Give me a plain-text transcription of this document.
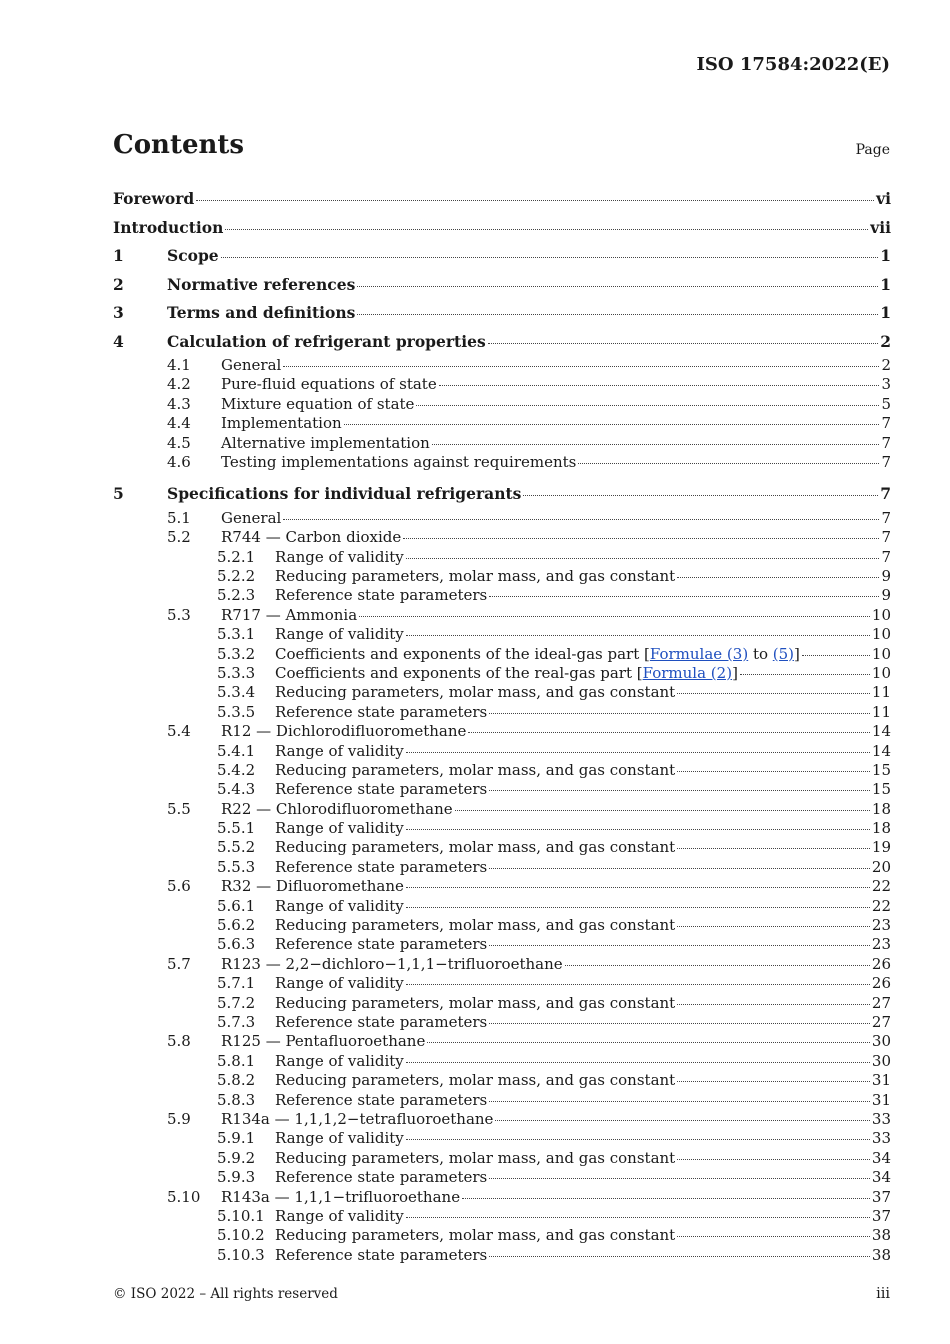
ISO 17584:2022(E)
Contents	Page
Foreword	vi
Introduction	vii
1	Scope	1
2	Normative references	1
3	Terms and definitions	1
4	Calculation of refrigerant properties	2
4.1	General	2
4.2	Pure-fluid equations of state	3
4.3	Mixture equation of state	5
4.4	Implementation	7
4.5	Alternative implementation	7
4.6	Testing implementations against requirements	7
5	Specifications for individual refrigerants	7
5.1	General	7
5.2	R744 — Carbon dioxide	7
5.2.1	Range of validity	7
5.2.2	Reducing parameters, molar mass, and gas constant	9
5.2.3	Reference state parameters	9
5.3	R717 — Ammonia	10
5.3.1	Range of validity	10
5.3.2	Coefficients and exponents of the ideal-gas part [Formulae (3) to (5)]	10
5.3.3	Coefficients and exponents of the real-gas part [Formula (2)]	10
5.3.4	Reducing parameters, molar mass, and gas constant	11
5.3.5	Reference state parameters	11
5.4	R12 — Dichlorodifluoromethane	14
5.4.1	Range of validity	14
5.4.2	Reducing parameters, molar mass, and gas constant	15
5.4.3	Reference state parameters	15
5.5	R22 — Chlorodifluoromethane	18
5.5.1	Range of validity	18
5.5.2	Reducing parameters, molar mass, and gas constant	19
5.5.3	Reference state parameters	20
5.6	R32 — Difluoromethane	22
5.6.1	Range of validity	22
5.6.2	Reducing parameters, molar mass, and gas constant	23
5.6.3	Reference state parameters	23
5.7	R123 — 2,2−dichloro−1,1,1−trifluoroethane	26
5.7.1	Range of validity	26
5.7.2	Reducing parameters, molar mass, and gas constant	27
5.7.3	Reference state parameters	27
5.8	R125 — Pentafluoroethane	30
5.8.1	Range of validity	30
5.8.2	Reducing parameters, molar mass, and gas constant	31
5.8.3	Reference state parameters	31
5.9	R134a — 1,1,1,2−tetrafluoroethane	33
5.9.1	Range of validity	33
5.9.2	Reducing parameters, molar mass, and gas constant	34
5.9.3	Reference state parameters	34
5.10	R143a — 1,1,1−trifluoroethane	37
5.10.1 Range of validity	37
5.10.2 Reducing parameters, molar mass, and gas constant	38
5.10.3 Reference state parameters	38
© ISO 2022 – All rights reserved	iii
